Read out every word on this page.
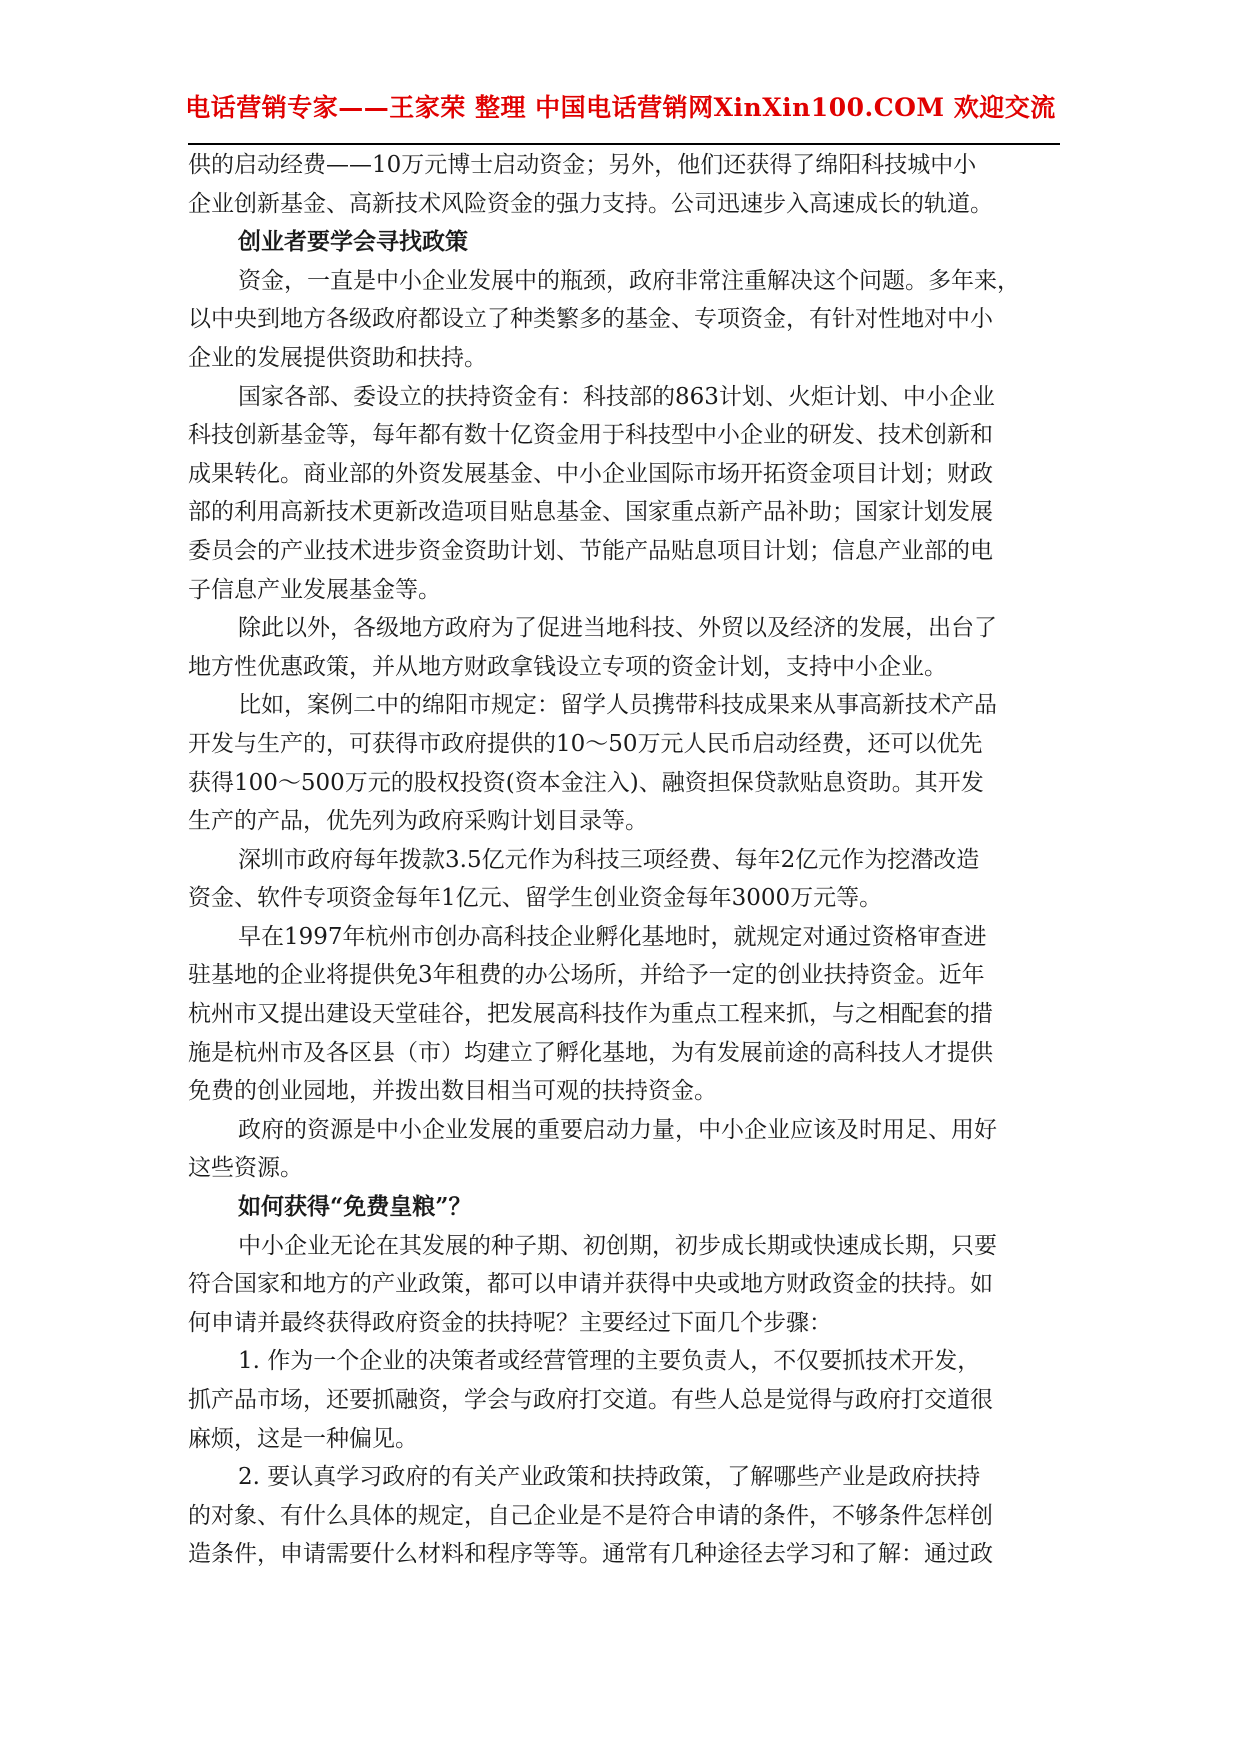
电话营销专家——王家荣 整理 中国电话营销网XinXin100.COM 欢迎交流
供的启动经费——10万元博士启动资金；另外，他们还获得了绵阳科技城中小
企业创新基金、高新技术风险资金的强力支持。公司迅速步入高速成长的轨道。
创业者要学会寻找政策
资金，一直是中小企业发展中的瓶颈，政府非常注重解决这个问题。多年来，
以中央到地方各级政府都设立了种类繁多的基金、专项资金，有针对性地对中小
企业的发展提供资助和扶持。
国家各部、委设立的扶持资金有：科技部的863计划、火炬计划、中小企业
科技创新基金等，每年都有数十亿资金用于科技型中小企业的研发、技术创新和
成果转化。商业部的外资发展基金、中小企业国际市场开拓资金项目计划；财政
部的利用高新技术更新改造项目贴息基金、国家重点新产品补助；国家计划发展
委员会的产业技术进步资金资助计划、节能产品贴息项目计划；信息产业部的电
子信息产业发展基金等。
除此以外，各级地方政府为了促进当地科技、外贸以及经济的发展，出台了
地方性优惠政策，并从地方财政拿钱设立专项的资金计划，支持中小企业。
比如，案例二中的绵阳市规定：留学人员携带科技成果来从事高新技术产品
开发与生产的，可获得市政府提供的10～50万元人民币启动经费，还可以优先
获得100～500万元的股权投资(资本金注入)、融资担保贷款贴息资助。其开发
生产的产品，优先列为政府采购计划目录等。
深圳市政府每年拨款3.5亿元作为科技三项经费、每年2亿元作为挖潜改造
资金、软件专项资金每年1亿元、留学生创业资金每年3000万元等。
早在1997年杭州市创办高科技企业孵化基地时，就规定对通过资格审查进
驻基地的企业将提供免3年租费的办公场所，并给予一定的创业扶持资金。近年
杭州市又提出建设天堂硅谷，把发展高科技作为重点工程来抓，与之相配套的措
施是杭州市及各区县（市）均建立了孵化基地，为有发展前途的高科技人才提供
免费的创业园地，并拨出数目相当可观的扶持资金。
政府的资源是中小企业发展的重要启动力量，中小企业应该及时用足、用好
这些资源。
如何获得“免费皇粮”？
中小企业无论在其发展的种子期、初创期，初步成长期或快速成长期，只要
符合国家和地方的产业政策，都可以申请并获得中央或地方财政资金的扶持。如
何申请并最终获得政府资金的扶持呢？主要经过下面几个步骤：
1. 作为一个企业的决策者或经营管理的主要负责人，不仅要抓技术开发，
抓产品市场，还要抓融资，学会与政府打交道。有些人总是觉得与政府打交道很
麻烦，这是一种偏见。
2. 要认真学习政府的有关产业政策和扶持政策，了解哪些产业是政府扶持
的对象、有什么具体的规定，自己企业是不是符合申请的条件，不够条件怎样创
造条件，申请需要什么材料和程序等等。通常有几种途径去学习和了解：通过政
